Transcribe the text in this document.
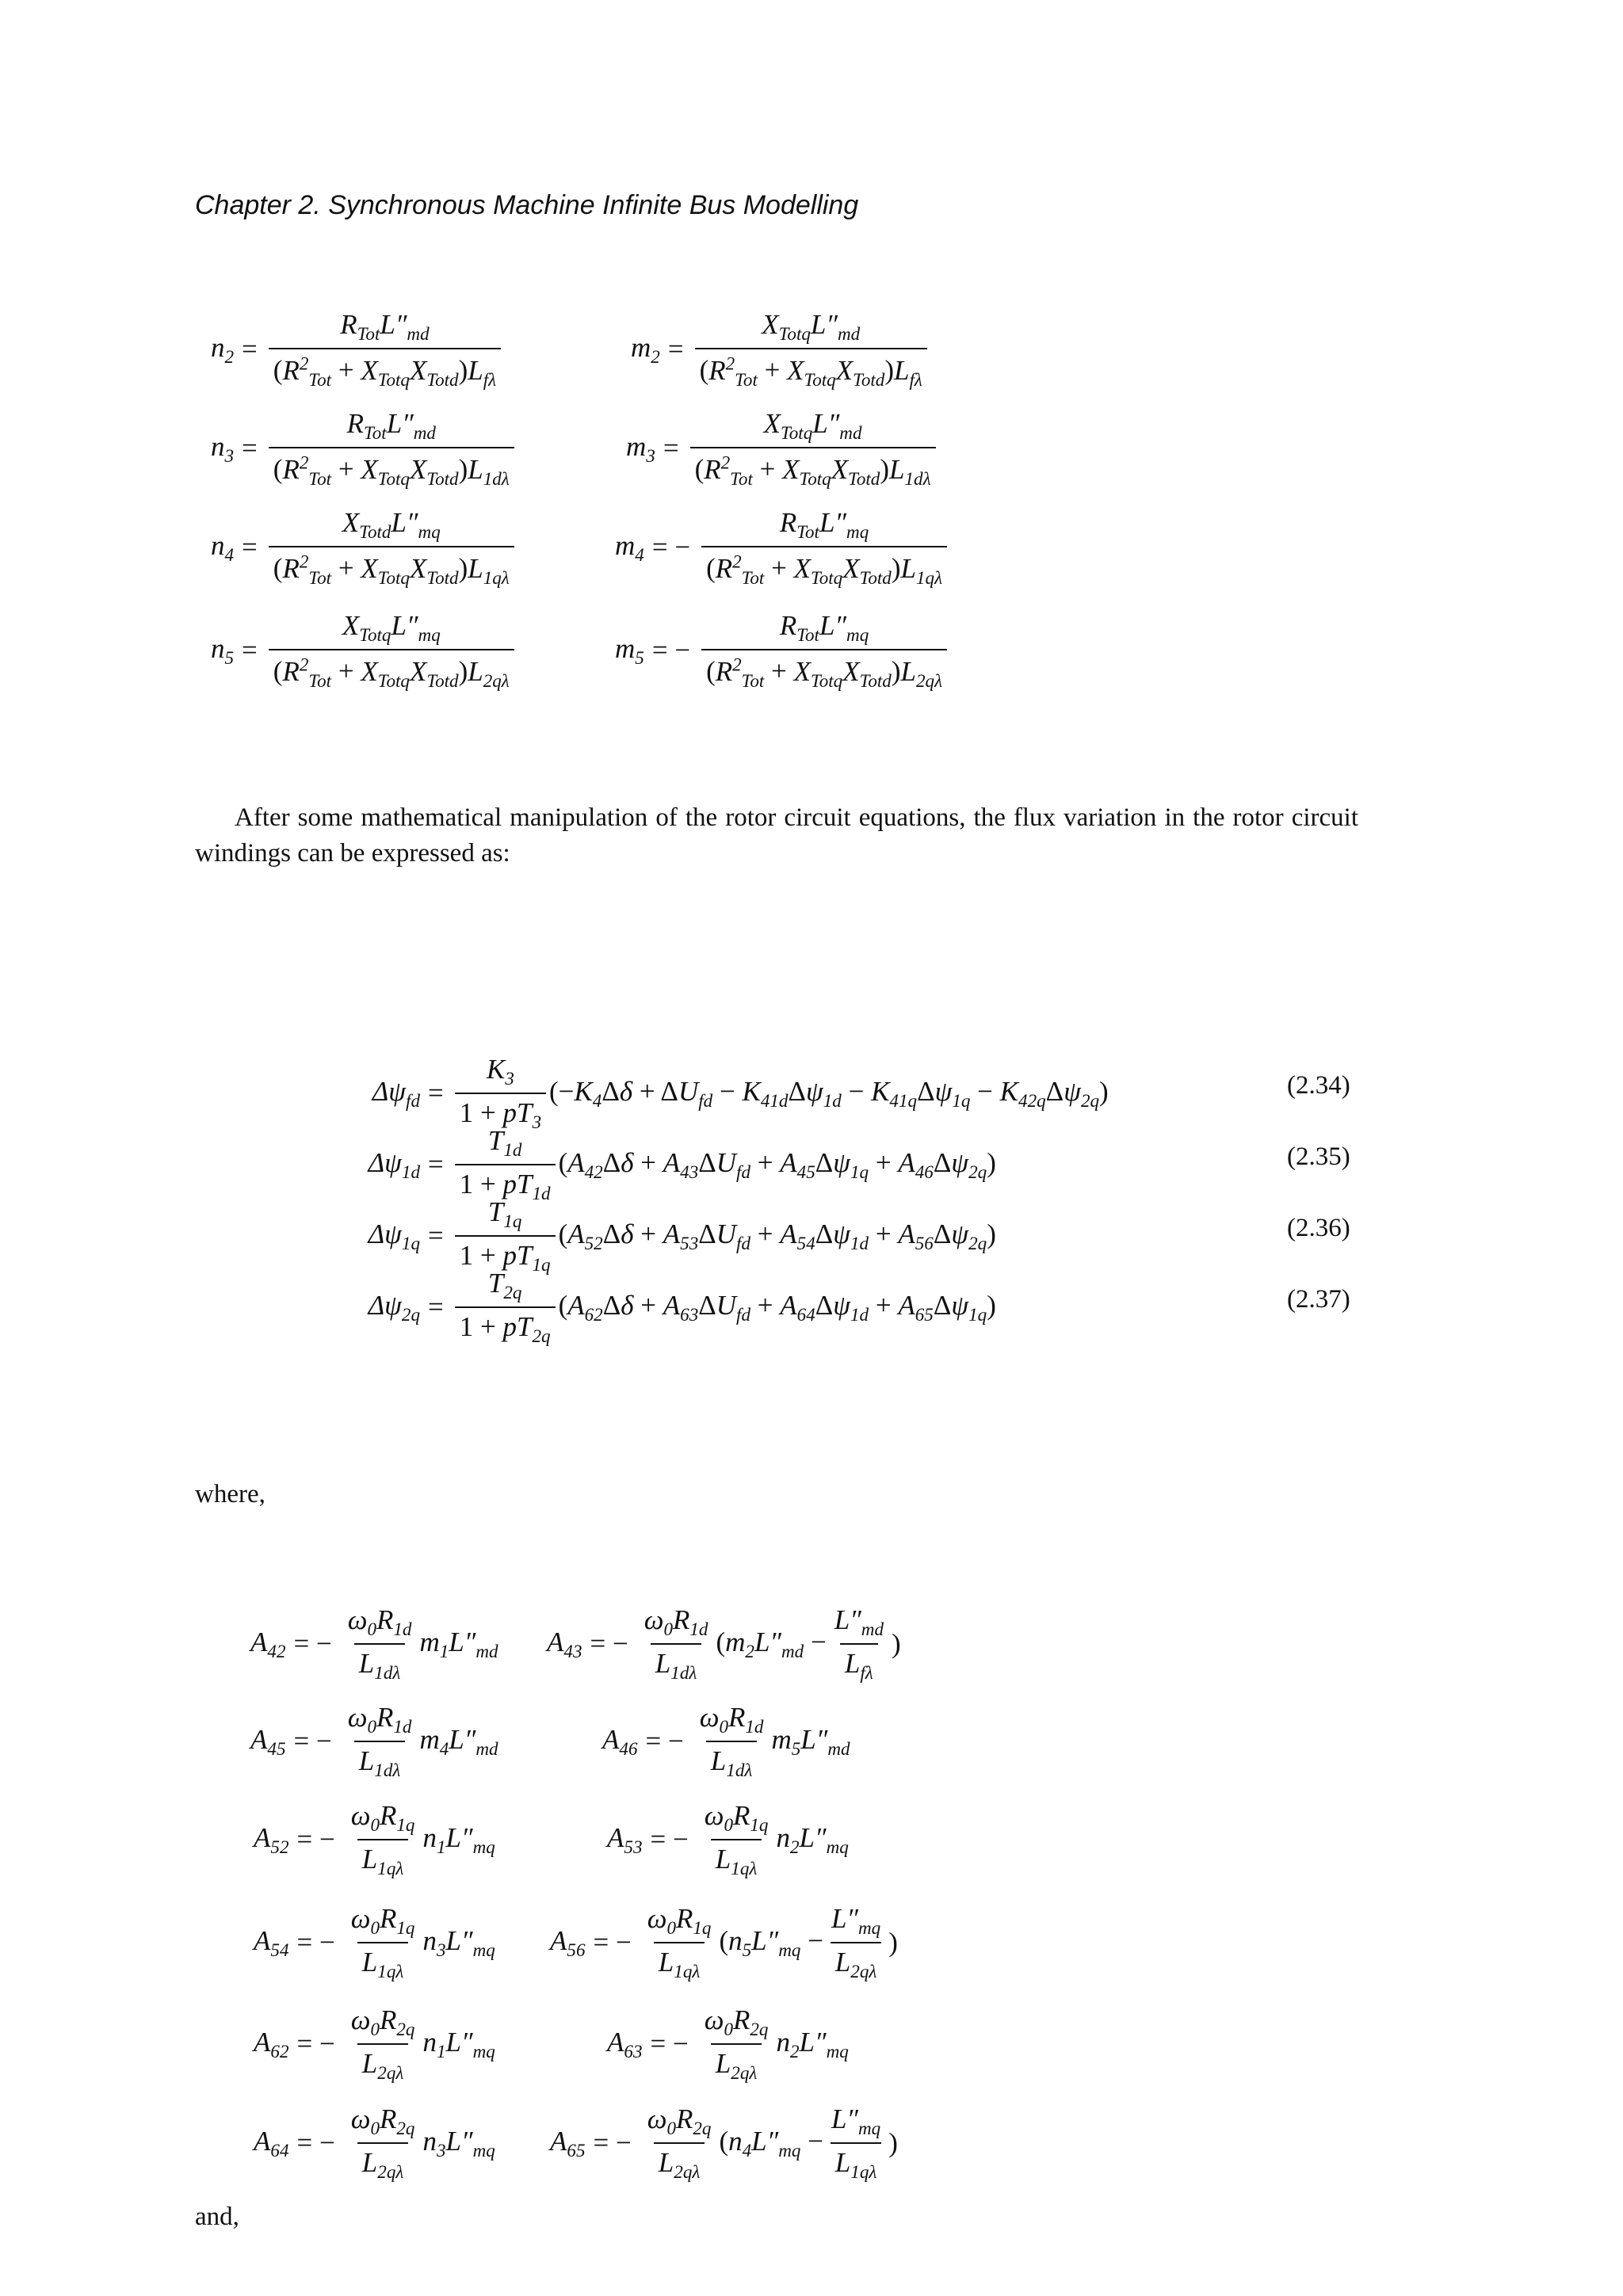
Chapter 2. Synchronous Machine Infinite Bus Modelling
$n_2 = \frac{R_{Tot}L''_{md}}{(R^2_{Tot} + X_{Totq}X_{Totd})L_{f\lambda}}$	$m_2 = \frac{X_{Totq}L''_{md}}{(R^2_{Tot} + X_{Totq}X_{Totd})L_{f\lambda}}$
$n_3 = \frac{R_{Tot}L''_{md}}{(R^2_{Tot} + X_{Totq}X_{Totd})L_{1d\lambda}}$	$m_3 = \frac{X_{Totq}L''_{md}}{(R^2_{Tot} + X_{Totq}X_{Totd})L_{1d\lambda}}$
$n_4 = \frac{X_{Totd}L''_{mq}}{(R^2_{Tot} + X_{Totq}X_{Totd})L_{1q\lambda}}$	$m_4$ = − $\frac{R_{Tot}L''_{mq}}{(R^2_{Tot} + X_{Totq}X_{Totd})L_{1q\lambda}}$
$n_5 = \frac{X_{Totq}L''_{mq}}{(R^2_{Tot} + X_{Totq}X_{Totd})L_{2q\lambda}}$	$m_5$ = − $\frac{R_{Tot}L''_{mq}}{(R^2_{Tot} + X_{Totq}X_{Totd})L_{2q\lambda}}$
After some mathematical manipulation of the rotor circuit equations, the flux variation in the rotor circuit windings can be expressed as:
$\Delta\psi_{fd} = \frac{K_3}{1 + pT_3} (-K_4\Delta\delta + \Delta U_{fd} - K_{41d}\Delta\psi_{1d} - K_{41q}\Delta\psi_{1q} - K_{42q}\Delta\psi_{2q})$	(2.34)
$\Delta\psi_{1d} = \frac{T_{1d}}{1 + pT_{1d}} (A_{42}\Delta\delta + A_{43}\Delta U_{fd} + A_{45}\Delta\psi_{1q} + A_{46}\Delta\psi_{2q})$	(2.35)
$\Delta\psi_{1q} = \frac{T_{1q}}{1 + pT_{1q}} (A_{52}\Delta\delta + A_{53}\Delta U_{fd} + A_{54}\Delta\psi_{1d} + A_{56}\Delta\psi_{2q})$	(2.36)
$\Delta\psi_{2q} = \frac{T_{2q}}{1 + pT_{2q}} (A_{62}\Delta\delta + A_{63}\Delta U_{fd} + A_{64}\Delta\psi_{1d} + A_{65}\Delta\psi_{1q})$	(2.37)
where,
$A_{42}$ = − $\frac{\omega_0R_{1d}}{L_{1d\lambda}} m_1L''_{md}$ $A_{43}$ = − $\frac{\omega_0R_{1d}}{L_{1d\lambda}} (m_2L''_{md} - \frac{L''_{md}}{L_{f\lambda}}$ )
$A_{45}$ = − $\frac{\omega_0R_{1d}}{L_{1d\lambda}} m_4L''_{md}$	$A_{46}$ = − $\frac{\omega_0R_{1d}}{L_{1d\lambda}} m_5L''_{md}$
$A_{52}$ = − $\frac{\omega_0R_{1q}}{L_{1q\lambda}} n_1L''_{mq}$	$A_{53}$ = − $\frac{\omega_0R_{1q}}{L_{1q\lambda}} n_2L''_{mq}$
$A_{54}$ = − $\frac{\omega_0R_{1q}}{L_{1q\lambda}} n_3L''_{mq}$ $A_{56}$ = − $\frac{\omega_0R_{1q}}{L_{1q\lambda}} (n_5L''_{mq} - \frac{L''_{mq}}{L_{2q\lambda}}$ )
$A_{62}$ = − $\frac{\omega_0R_{2q}}{L_{2q\lambda}} n_1L''_{mq}$	$A_{63}$ = − $\frac{\omega_0R_{2q}}{L_{2q\lambda}} n_2L''_{mq}$
$A_{64}$ = − $\frac{\omega_0R_{2q}}{L_{2q\lambda}} n_3L''_{mq}$ $A_{65}$ = − $\frac{\omega_0R_{2q}}{L_{2q\lambda}} (n_4L''_{mq} - \frac{L''_{mq}}{L_{1q\lambda}}$ )
and,
